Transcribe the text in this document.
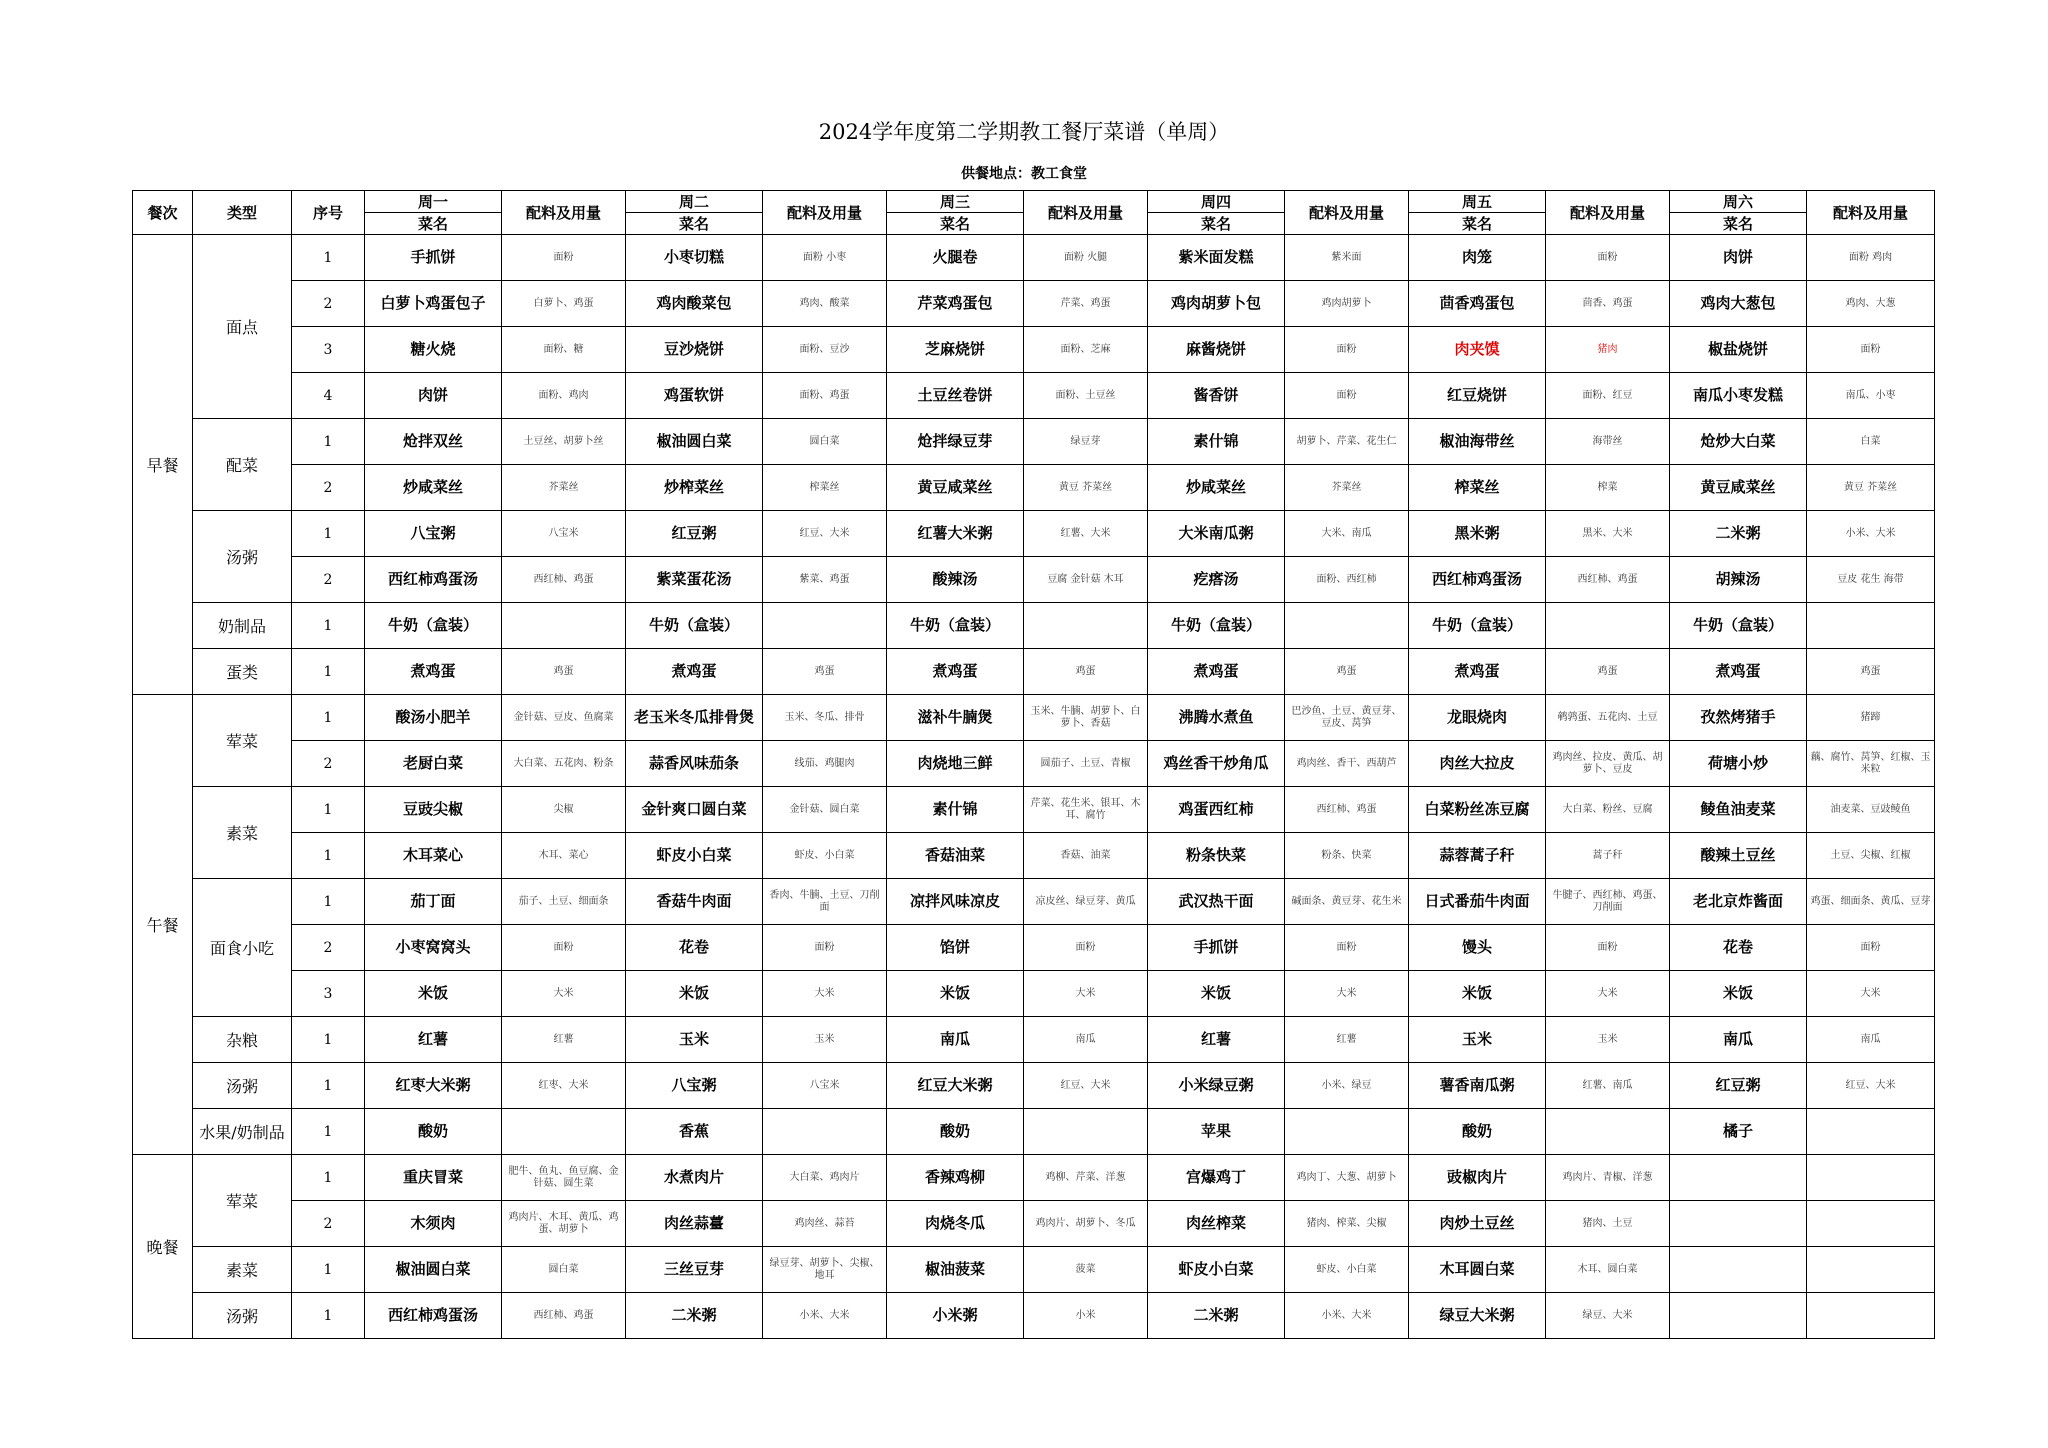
2024学年度第二学期教工餐厅菜谱（单周）
供餐地点：教工食堂
餐次	类型	序号	周一	配料及用量	周二	配料及用量	周三	配料及用量	周四	配料及用量	周五	配料及用量	周六	配料及用量
			菜名		菜名		菜名		菜名		菜名		菜名	
早餐	面点	1	手抓饼	面粉	小枣切糕	面粉 小枣	火腿卷	面粉 火腿	紫米面发糕	紫米面	肉笼	面粉	肉饼	面粉 鸡肉
		2	白萝卜鸡蛋包子	白萝卜、鸡蛋	鸡肉酸菜包	鸡肉、酸菜	芹菜鸡蛋包	芹菜、鸡蛋	鸡肉胡萝卜包	鸡肉胡萝卜	茴香鸡蛋包	茴香、鸡蛋	鸡肉大葱包	鸡肉、大葱
		3	糖火烧	面粉、糖	豆沙烧饼	面粉、豆沙	芝麻烧饼	面粉、芝麻	麻酱烧饼	面粉	肉夹馍	猪肉	椒盐烧饼	面粉
		4	肉饼	面粉、鸡肉	鸡蛋软饼	面粉、鸡蛋	土豆丝卷饼	面粉、土豆丝	酱香饼	面粉	红豆烧饼	面粉、红豆	南瓜小枣发糕	南瓜、小枣
	配菜	1	炝拌双丝	土豆丝、胡萝卜丝	椒油圆白菜	圆白菜	炝拌绿豆芽	绿豆芽	素什锦	胡萝卜、芹菜、花生仁	椒油海带丝	海带丝	炝炒大白菜	白菜
		2	炒咸菜丝	芥菜丝	炒榨菜丝	榨菜丝	黄豆咸菜丝	黄豆 芥菜丝	炒咸菜丝	芥菜丝	榨菜丝	榨菜	黄豆咸菜丝	黄豆 芥菜丝
	汤粥	1	八宝粥	八宝米	红豆粥	红豆、大米	红薯大米粥	红薯、大米	大米南瓜粥	大米、南瓜	黑米粥	黑米、大米	二米粥	小米、大米
		2	西红柿鸡蛋汤	西红柿、鸡蛋	紫菜蛋花汤	紫菜、鸡蛋	酸辣汤	豆腐 金针菇 木耳	疙瘩汤	面粉、西红柿	西红柿鸡蛋汤	西红柿、鸡蛋	胡辣汤	豆皮 花生 海带
	奶制品	1	牛奶（盒装）		牛奶（盒装）		牛奶（盒装）		牛奶（盒装）		牛奶（盒装）		牛奶（盒装）	
	蛋类	1	煮鸡蛋	鸡蛋	煮鸡蛋	鸡蛋	煮鸡蛋	鸡蛋	煮鸡蛋	鸡蛋	煮鸡蛋	鸡蛋	煮鸡蛋	鸡蛋
午餐	荤菜	1	酸汤小肥羊	金针菇、豆皮、鱼腐菜	老玉米冬瓜排骨煲	玉米、冬瓜、排骨	滋补牛腩煲	玉米、牛腩、胡萝卜、白萝卜、香菇	沸腾水煮鱼	巴沙鱼、土豆、黄豆芽、豆皮、莴笋	龙眼烧肉	鹌鹑蛋、五花肉、土豆	孜然烤猪手	猪蹄
		2	老厨白菜	大白菜、五花肉、粉条	蒜香风味茄条	线茄、鸡腿肉	肉烧地三鲜	圆茄子、土豆、青椒	鸡丝香干炒角瓜	鸡肉丝、香干、西葫芦	肉丝大拉皮	鸡肉丝、拉皮、黄瓜、胡萝卜、豆皮	荷塘小炒	藕、腐竹、莴笋、红椒、玉米粒
	素菜	1	豆豉尖椒	尖椒	金针爽口圆白菜	金针菇、圆白菜	素什锦	芹菜、花生米、银耳、木耳、腐竹	鸡蛋西红柿	西红柿、鸡蛋	白菜粉丝冻豆腐	大白菜、粉丝、豆腐	鲮鱼油麦菜	油麦菜、豆豉鲮鱼
		1	木耳菜心	木耳、菜心	虾皮小白菜	虾皮、小白菜	香菇油菜	香菇、油菜	粉条快菜	粉条、快菜	蒜蓉蒿子秆	蒿子秆	酸辣土豆丝	土豆、尖椒、红椒
	面食小吃	1	茄丁面	茄子、土豆、细面条	香菇牛肉面	香肉、牛腩、土豆、刀削面	凉拌风味凉皮	凉皮丝、绿豆芽、黄瓜	武汉热干面	碱面条、黄豆芽、花生米	日式番茄牛肉面	牛腱子、西红柿、鸡蛋、刀削面	老北京炸酱面	鸡蛋、细面条、黄瓜、豆芽
		2	小枣窝窝头	面粉	花卷	面粉	馅饼	面粉	手抓饼	面粉	馒头	面粉	花卷	面粉
		3	米饭	大米	米饭	大米	米饭	大米	米饭	大米	米饭	大米	米饭	大米
	杂粮	1	红薯	红薯	玉米	玉米	南瓜	南瓜	红薯	红薯	玉米	玉米	南瓜	南瓜
	汤粥	1	红枣大米粥	红枣、大米	八宝粥	八宝米	红豆大米粥	红豆、大米	小米绿豆粥	小米、绿豆	薯香南瓜粥	红薯、南瓜	红豆粥	红豆、大米
	水果/奶制品	1	酸奶		香蕉		酸奶		苹果		酸奶		橘子	
晚餐	荤菜	1	重庆冒菜	肥牛、鱼丸、鱼豆腐、金针菇、圆生菜	水煮肉片	大白菜、鸡肉片	香辣鸡柳	鸡柳、芹菜、洋葱	宫爆鸡丁	鸡肉丁、大葱、胡萝卜	豉椒肉片	鸡肉片、青椒、洋葱		
		2	木须肉	鸡肉片、木耳、黄瓜、鸡蛋、胡萝卜	肉丝蒜薹	鸡肉丝、蒜苔	肉烧冬瓜	鸡肉片、胡萝卜、冬瓜	肉丝榨菜	猪肉、榨菜、尖椒	肉炒土豆丝	猪肉、土豆		
	素菜	1	椒油圆白菜	圆白菜	三丝豆芽	绿豆芽、胡萝卜、尖椒、地耳	椒油菠菜	菠菜	虾皮小白菜	虾皮、小白菜	木耳圆白菜	木耳、圆白菜		
	汤粥	1	西红柿鸡蛋汤	西红柿、鸡蛋	二米粥	小米、大米	小米粥	小米	二米粥	小米、大米	绿豆大米粥	绿豆、大米		
